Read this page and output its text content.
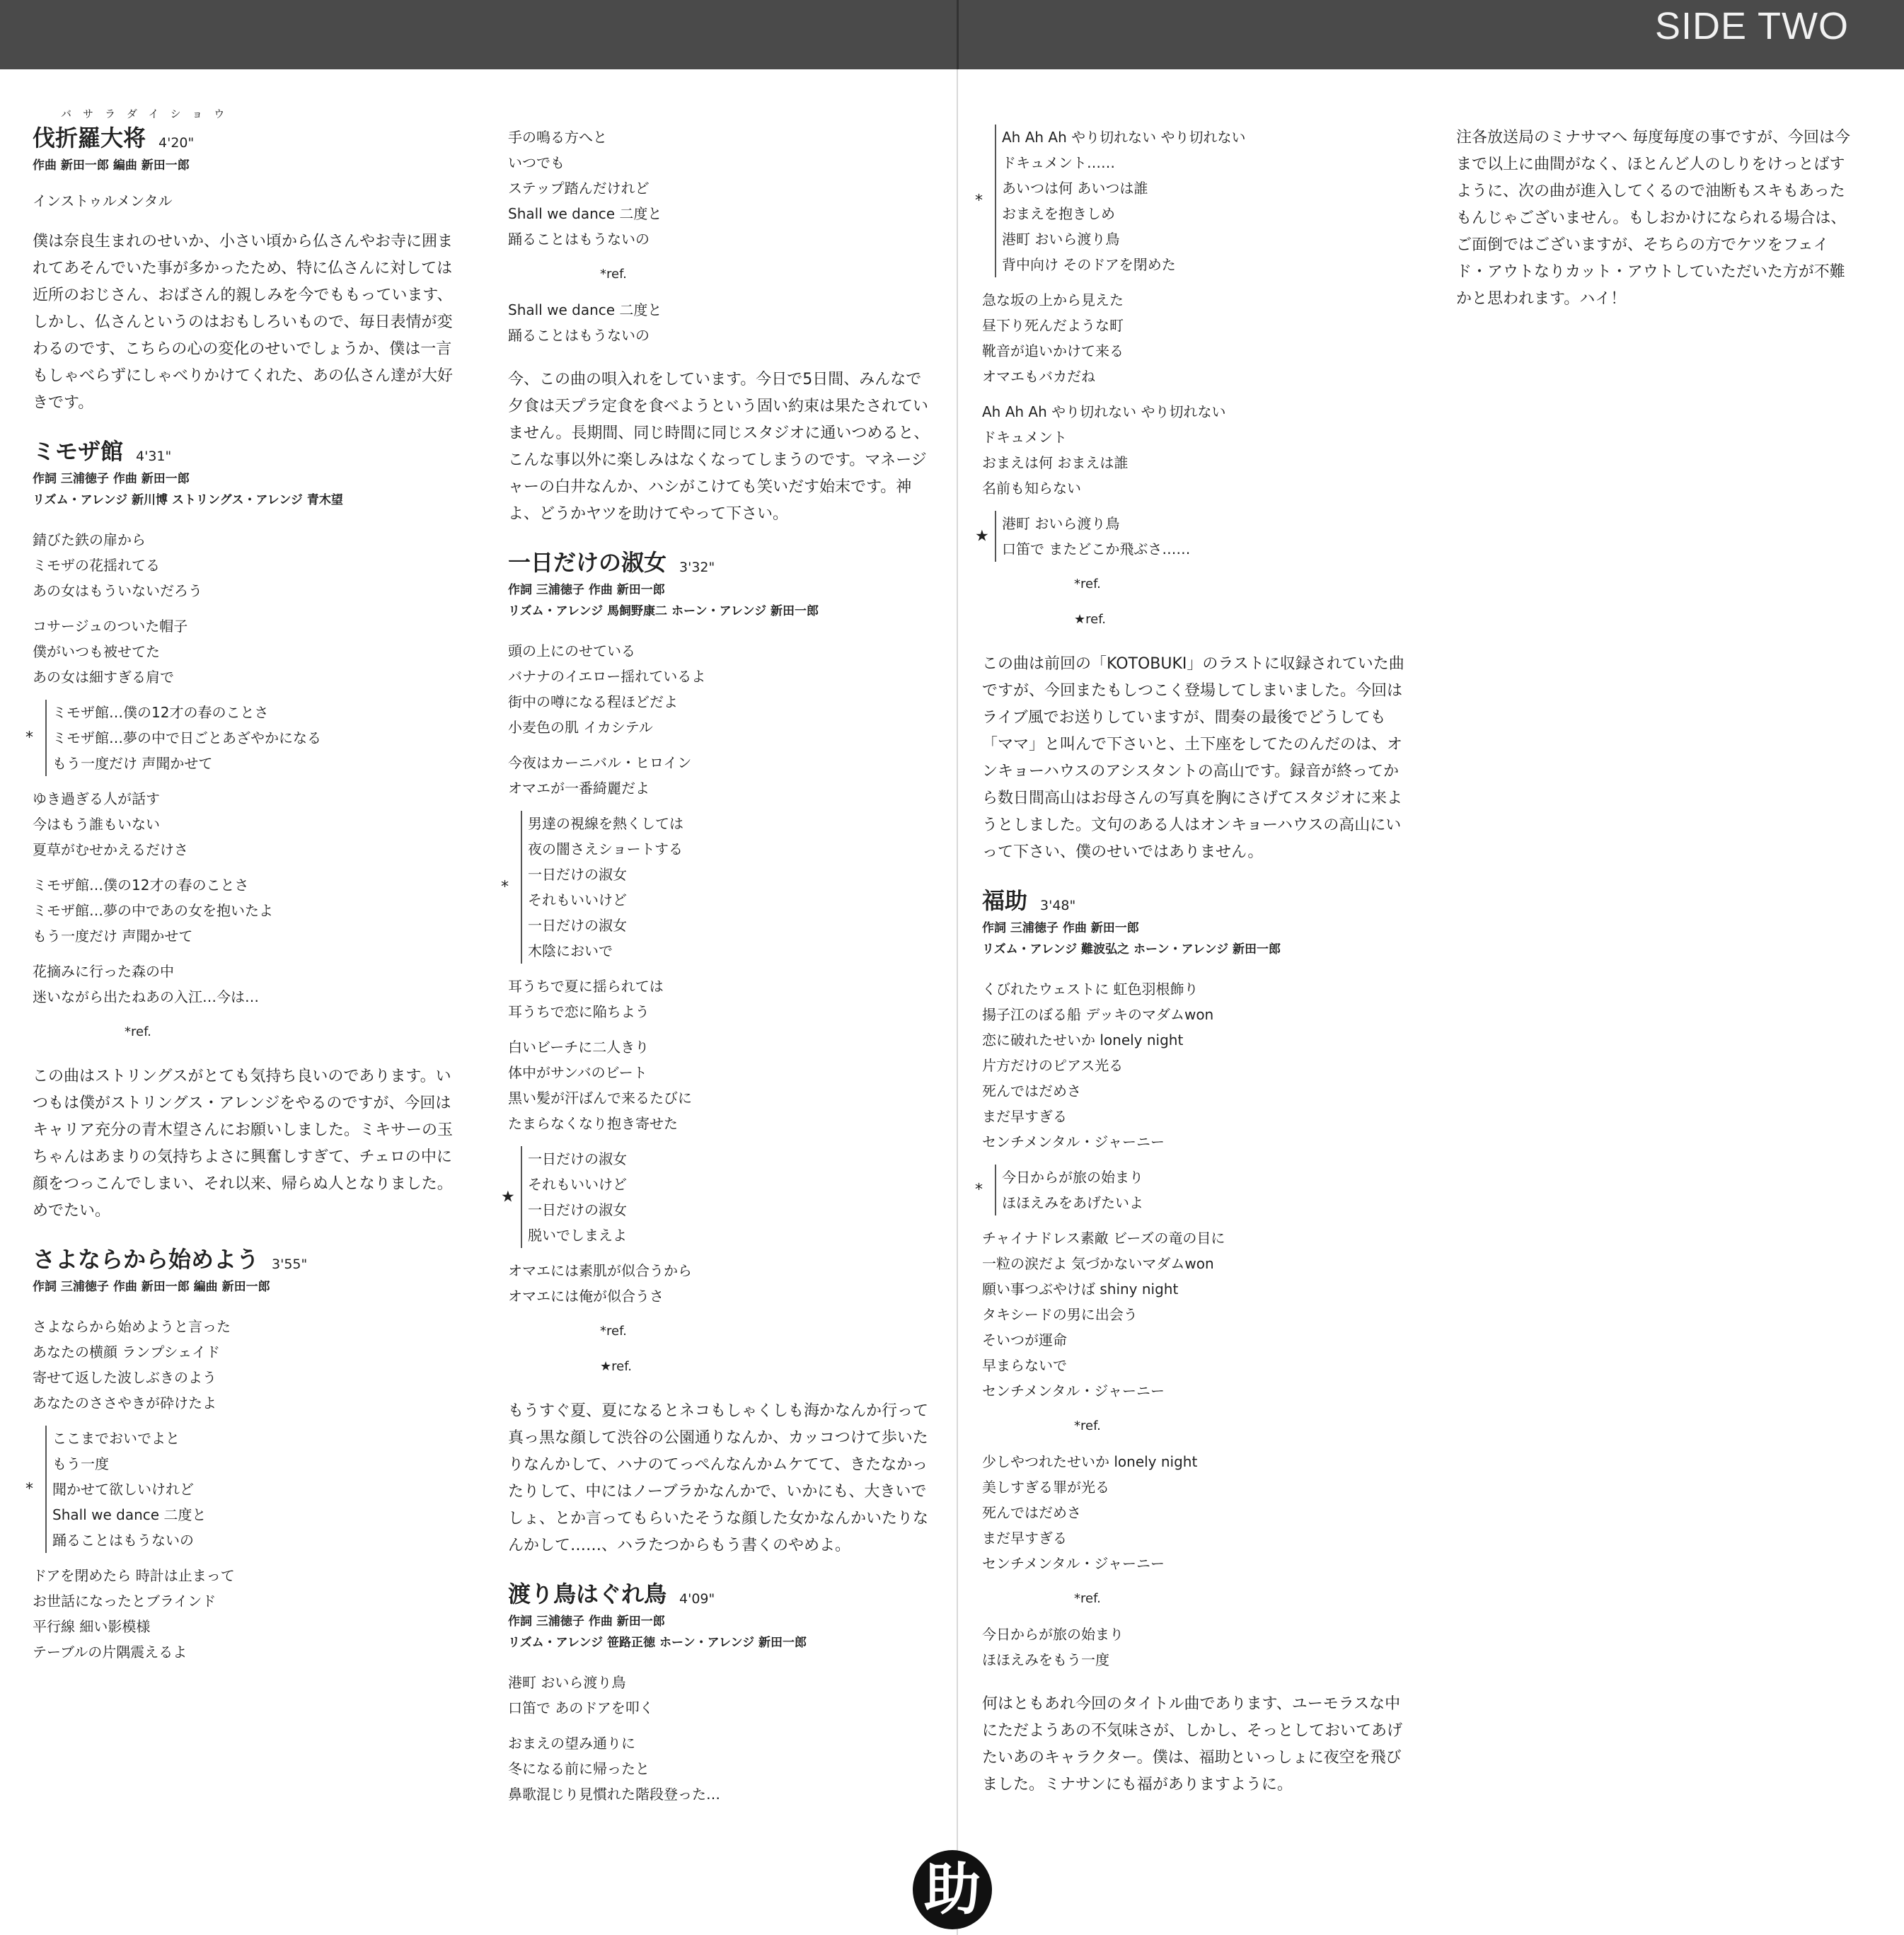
SIDE TWO
バサラダイショウ
伐折羅大将 4'20"
作曲 新田一郎 編曲 新田一郎
インストゥルメンタル
僕は奈良生まれのせいか、小さい頃から仏さんやお寺に囲まれてあそんでいた事が多かったため、特に仏さんに対しては近所のおじさん、おばさん的親しみを今でももっています、しかし、仏さんというのはおもしろいもので、毎日表情が変わるのです、こちらの心の変化のせいでしょうか、僕は一言もしゃべらずにしゃべりかけてくれた、あの仏さん達が大好きです。
ミモザ館 4'31"
作詞 三浦徳子 作曲 新田一郎
リズム・アレンジ 新川博 ストリングス・アレンジ 青木望
錆びた鉄の扉から
ミモザの花揺れてる
あの女はもういないだろう
コサージュのついた帽子
僕がいつも被せてた
あの女は細すぎる肩で
*
ミモザ館…僕の12才の春のことさ
ミモザ館…夢の中で日ごとあざやかになる
もう一度だけ 声聞かせて
ゆき過ぎる人が話す
今はもう誰もいない
夏草がむせかえるだけさ
ミモザ館…僕の12才の春のことさ
ミモザ館…夢の中であの女を抱いたよ
もう一度だけ 声聞かせて
花摘みに行った森の中
迷いながら出たねあの入江…今は…
*ref.
この曲はストリングスがとても気持ち良いのであります。いつもは僕がストリングス・アレンジをやるのですが、今回はキャリア充分の青木望さんにお願いしました。ミキサーの玉ちゃんはあまりの気持ちよさに興奮しすぎて、チェロの中に顔をつっこんでしまい、それ以来、帰らぬ人となりました。めでたい。
さよならから始めよう 3'55"
作詞 三浦徳子 作曲 新田一郎 編曲 新田一郎
さよならから始めようと言った
あなたの横顔 ランプシェイド
寄せて返した波しぶきのよう
あなたのささやきが砕けたよ
*
ここまでおいでよと
もう一度
聞かせて欲しいけれど
Shall we dance 二度と
踊ることはもうないの
ドアを閉めたら 時計は止まって
お世話になったとブラインド
平行線 細い影模様
テーブルの片隅震えるよ
手の鳴る方へと
いつでも
ステップ踏んだけれど
Shall we dance 二度と
踊ることはもうないの
*ref.
Shall we dance 二度と
踊ることはもうないの
今、この曲の唄入れをしています。今日で5日間、みんなで夕食は天プラ定食を食べようという固い約束は果たされていません。長期間、同じ時間に同じスタジオに通いつめると、こんな事以外に楽しみはなくなってしまうのです。マネージャーの白井なんか、ハシがこけても笑いだす始末です。神よ、どうかヤツを助けてやって下さい。
一日だけの淑女 3'32"
作詞 三浦徳子 作曲 新田一郎
リズム・アレンジ 馬飼野康二 ホーン・アレンジ 新田一郎
頭の上にのせている
バナナのイエロー揺れているよ
街中の噂になる程ほどだよ
小麦色の肌 イカシテル
今夜はカーニバル・ヒロイン
オマエが一番綺麗だよ
*
男達の視線を熱くしては
夜の闇さえショートする
一日だけの淑女
それもいいけど
一日だけの淑女
木陰においで
耳うちで夏に揺られては
耳うちで恋に陥ちよう
白いビーチに二人きり
体中がサンバのビート
黒い髪が汗ばんで来るたびに
たまらなくなり抱き寄せた
★
一日だけの淑女
それもいいけど
一日だけの淑女
脱いでしまえよ
オマエには素肌が似合うから
オマエには俺が似合うさ
*ref.
★ref.
もうすぐ夏、夏になるとネコもしゃくしも海かなんか行って真っ黒な顔して渋谷の公園通りなんか、カッコつけて歩いたりなんかして、ハナのてっぺんなんかムケてて、きたなかったりして、中にはノーブラかなんかで、いかにも、大きいでしょ、とか言ってもらいたそうな顔した女かなんかいたりなんかして……、ハラたつからもう書くのやめよ。
渡り鳥はぐれ鳥 4'09"
作詞 三浦徳子 作曲 新田一郎
リズム・アレンジ 笹路正徳 ホーン・アレンジ 新田一郎
港町 おいら渡り鳥
口笛で あのドアを叩く
おまえの望み通りに
冬になる前に帰ったと
鼻歌混じり見慣れた階段登った…
*
Ah Ah Ah やり切れない やり切れない
ドキュメント……
あいつは何 あいつは誰
おまえを抱きしめ
港町 おいら渡り鳥
背中向け そのドアを閉めた
急な坂の上から見えた
昼下り死んだような町
靴音が追いかけて来る
オマエもバカだね
Ah Ah Ah やり切れない やり切れない
ドキュメント
おまえは何 おまえは誰
名前も知らない
★
港町 おいら渡り鳥
口笛で またどこか飛ぶさ……
*ref.
★ref.
この曲は前回の「KOTOBUKI」のラストに収録されていた曲ですが、今回またもしつこく登場してしまいました。今回はライブ風でお送りしていますが、間奏の最後でどうしても「ママ」と叫んで下さいと、土下座をしてたのんだのは、オンキョーハウスのアシスタントの高山です。録音が終ってから数日間高山はお母さんの写真を胸にさげてスタジオに来ようとしました。文句のある人はオンキョーハウスの高山にいって下さい、僕のせいではありません。
福助 3'48"
作詞 三浦徳子 作曲 新田一郎
リズム・アレンジ 難波弘之 ホーン・アレンジ 新田一郎
くびれたウェストに 虹色羽根飾り
揚子江のぼる船 デッキのマダムwon
恋に破れたせいか lonely night
片方だけのピアス光る
死んではだめさ
まだ早すぎる
センチメンタル・ジャーニー
*
今日からが旅の始まり
ほほえみをあげたいよ
チャイナドレス素敵 ビーズの竜の目に
一粒の涙だよ 気づかないマダムwon
願い事つぶやけば shiny night
タキシードの男に出会う
そいつが運命
早まらないで
センチメンタル・ジャーニー
*ref.
少しやつれたせいか lonely night
美しすぎる罪が光る
死んではだめさ
まだ早すぎる
センチメンタル・ジャーニー
*ref.
今日からが旅の始まり
ほほえみをもう一度
何はともあれ今回のタイトル曲であります、ユーモラスな中にただようあの不気味さが、しかし、そっとしておいてあげたいあのキャラクター。僕は、福助といっしょに夜空を飛びました。ミナサンにも福がありますように。
注各放送局のミナサマへ 毎度毎度の事ですが、今回は今まで以上に曲間がなく、ほとんど人のしりをけっとばすように、次の曲が進入してくるので油断もスキもあったもんじゃございません。もしおかけになられる場合は、ご面倒ではございますが、そちらの方でケツをフェイド・アウトなりカット・アウトしていただいた方が不難かと思われます。ハイ！
助
